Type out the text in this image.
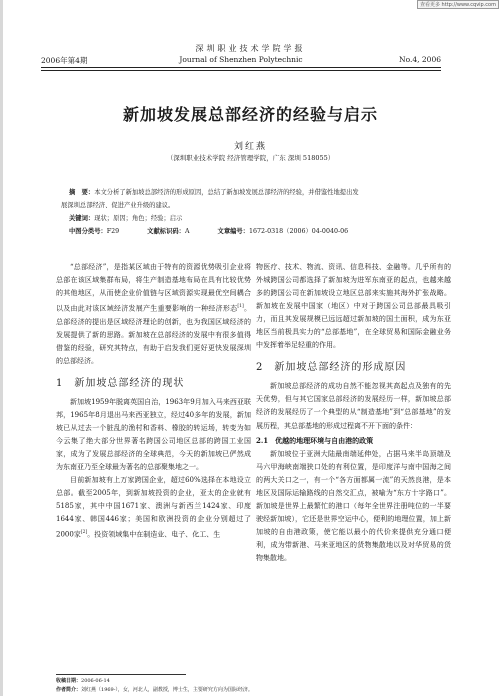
查看更多 http://www.cqvip.com
深圳职业技术学院学报
2006年第4期	Journal of Shenzhen Polytechnic	No.4, 2006
新加坡发展总部经济的经验与启示
刘红燕
（深圳职业技术学院 经济管理学院，广东 深圳 518055）
摘　要：本文分析了新加坡总部经济的形成原因，总结了新加坡发展总部经济的经验，并借鉴性地提出发
展深圳总部经济、促进产业升级的建议。
关键词：现状；原因；角色；经验；启示
中图分类号：F29	文献标识码：A	文章编号：1672-0318（2006）04-0040-06

“总部经济”，是指某区域由于特有的资源优势吸引企业将总部在该区域集群布局，将生产制造基地布局在具有比较优势的其他地区，从而使企业价值链与区域资源实现最优空间耦合以及由此对该区域经济发展产生重要影响的一种经济形态[1]。总部经济的提出是区域经济理论的创新，也为我国区域经济的发展提供了新的思路。新加坡在总部经济的发展中有很多值得借鉴的经验，研究其特点，有助于启发我们更好更快发展深圳的总部经济。

1　新加坡总部经济的现状

新加坡1959年脱离英国自治，1963年9月加入马来西亚联邦，1965年8月退出马来西亚独立，经过40多年的发展，新加坡已从过去一个脏乱的渔村和香料、橡胶的转运场，转变为如今云集了绝大部分世界著名跨国公司地区总部的跨国工业国家，成为了发展总部经济的全球典范，今天的新加坡已俨然成为东南亚乃至全球最为著名的总部聚集地之一。

目前新加坡有上万家跨国企业，超过60%选择在本地设立总部。截至2005年，到新加坡投资的企业，亚太的企业就有5185家，其中中国1671家、澳洲与新西兰1424家、印度1644家、韩国446家；美国和欧洲投资的企业分别超过了2000家[2]。投资领域集中在制造业、电子、化工、生

物医疗、技术、物流、资讯、信息科技、金融等。几乎所有的外城跨国公司都选择了新加坡为进军东南亚的起点，也越来越多的跨国公司在新加坡设立地区总部来实施其海外扩张战略。新加坡在发展中国家（地区）中对于跨国公司总部最具吸引力，而且其发展规模已远远超过新加坡的国土面积，成为东亚地区当前极具实力的“总部基地”，在全球贸易和国际金融业务中发挥着举足轻重的作用。

2　新加坡总部经济的形成原因

新加坡总部经济的成功自然不能忽视其高起点及独有的先天优势，但与其它国家总部经济的发展经历一样，新加坡总部经济的发展经历了一个典型的从“制造基地”到“总部基地”的发展历程，其总部基地的形成过程离不开下面的条件：

2.1　优越的地理环境与自由港的政策

新加坡位于亚洲大陆最南端延伸处，占据马来半岛顶端及马六甲海峡南端狭口处的有利位置，是印度洋与南中国海之间的两大关口之一，有一个“各方面都属一流”的天然良港，是本地区及国际运输路线的自然交汇点，被喻为“东方十字路口”。新加坡是世界上最繁忙的港口（每年全世界注册吨位的一半要驶经新加坡），它还是世界空运中心，便利的地理位置，加上新加坡的自由港政策，使它能以最小的代价来提供充分通口便利，成为带新港、马来亚地区的货物集散地以及对华贸易的货物集散地。

收稿日期：2006-06-14
作者简介：刘红燕（1969-），女，河北人，副教授，博士生，主要研究方向为国际经济。
